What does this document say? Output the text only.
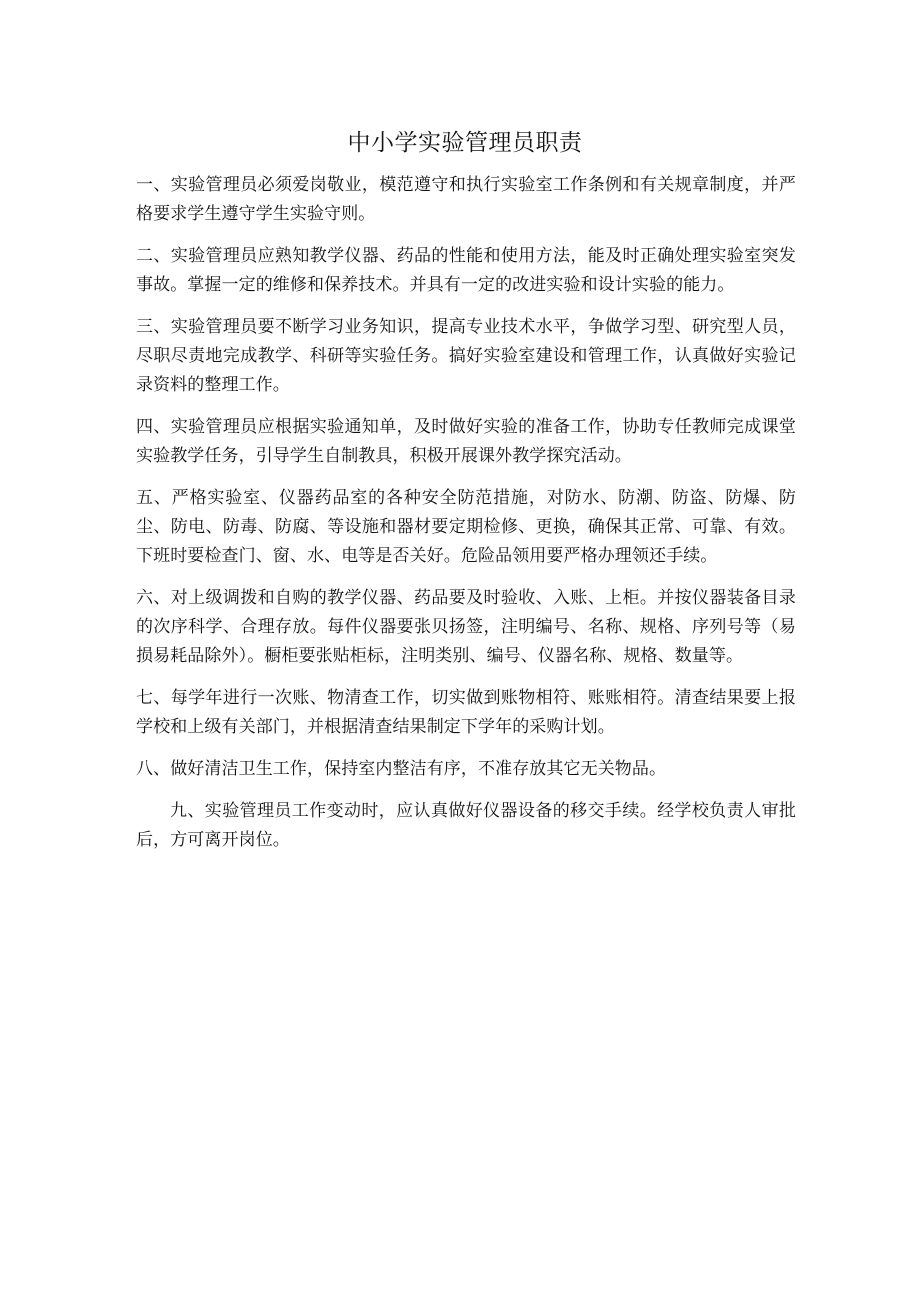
中小学实验管理员职责

一、实验管理员必须爱岗敬业，模范遵守和执行实验室工作条例和有关规章制度，并严格要求学生遵守学生实验守则。

二、实验管理员应熟知教学仪器、药品的性能和使用方法，能及时正确处理实验室突发事故。掌握一定的维修和保养技术。并具有一定的改进实验和设计实验的能力。

三、实验管理员要不断学习业务知识，提高专业技术水平，争做学习型、研究型人员，尽职尽责地完成教学、科研等实验任务。搞好实验室建设和管理工作，认真做好实验记录资料的整理工作。

四、实验管理员应根据实验通知单，及时做好实验的准备工作，协助专任教师完成课堂实验教学任务，引导学生自制教具，积极开展课外教学探究活动。

五、严格实验室、仪器药品室的各种安全防范措施，对防水、防潮、防盗、防爆、防尘、防电、防毒、防腐、等设施和器材要定期检修、更换，确保其正常、可靠、有效。下班时要检查门、窗、水、电等是否关好。危险品领用要严格办理领还手续。

六、对上级调拨和自购的教学仪器、药品要及时验收、入账、上柜。并按仪器装备目录的次序科学、合理存放。每件仪器要张贝扬签，注明编号、名称、规格、序列号等（易损易耗品除外）。橱柜要张贴柜标，注明类别、编号、仪器名称、规格、数量等。

七、每学年进行一次账、物清查工作，切实做到账物相符、账账相符。清查结果要上报学校和上级有关部门，并根据清查结果制定下学年的采购计划。

八、做好清洁卫生工作，保持室内整洁有序，不准存放其它无关物品。

九、实验管理员工作变动时，应认真做好仪器设备的移交手续。经学校负责人审批后，方可离开岗位。
